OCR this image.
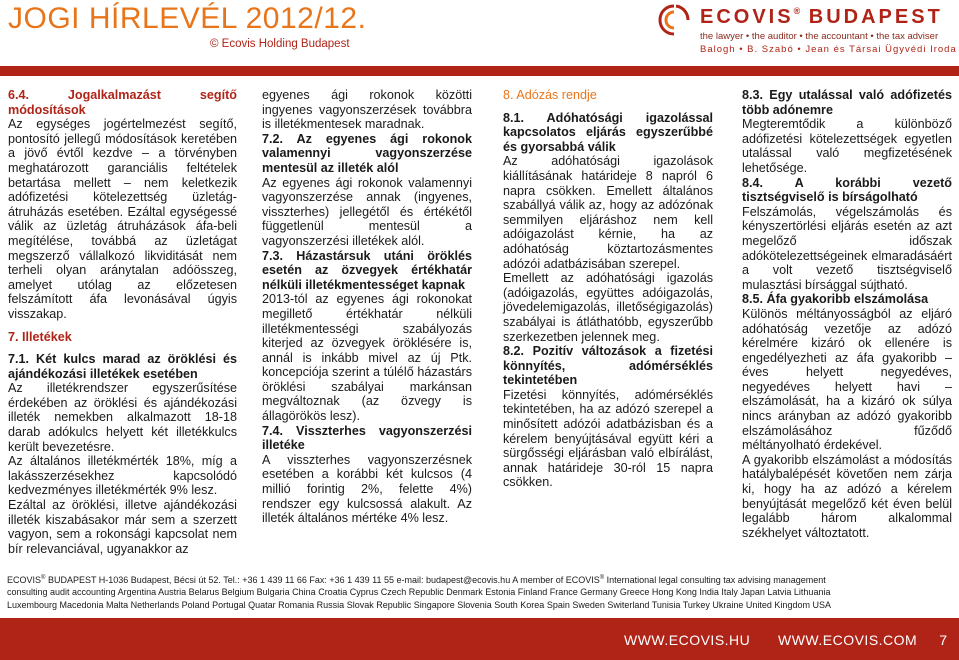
JOGI HÍRLEVÉL 2012/12.
© Ecovis Holding Budapest
ECOVIS® BUDAPEST
the lawyer • the auditor • the accountant • the tax adviser
Balogh • B. Szabó • Jean és Társai Ügyvédi Iroda

6.4. Jogalkalmazást segítő módosítások

Az egységes jogértelmezést segítő, pontosító jellegű módosítások keretében a jövő évtől kezdve – a törvényben meghatározott garanciális feltételek betartása mellett – nem keletkezik adófizetési kötelezettség üzletág-átruházás esetében. Ezáltal egységessé válik az üzletág átruházások áfa-beli megítélése, továbbá az üzletágat megszerző vállalkozó likviditását nem terheli olyan aránytalan adóösszeg, amelyet utólag az előzetesen felszámított áfa levonásával úgyis visszakap.

7. Illetékek

7.1. Két kulcs marad az öröklési és ajándékozási illetékek esetében

Az illetékrendszer egyszerűsítése érdekében az öröklési és ajándékozási illeték nemekben alkalmazott 18-18 darab adókulcs helyett két illetékkulcs került bevezetésre.

Az általános illetékmérték 18%, míg a lakásszerzésekhez kapcsolódó kedvezményes illetékmérték 9% lesz.

Ezáltal az öröklési, illetve ajándékozási illeték kiszabásakor már sem a szerzett vagyon, sem a rokonsági kapcsolat nem bír relevanciával, ugyanakkor az

egyenes ági rokonok közötti ingyenes vagyonszerzések továbbra is illetékmentesek maradnak.

7.2. Az egyenes ági rokonok valamennyi vagyonszerzése mentesül az illeték alól

Az egyenes ági rokonok valamennyi vagyonszerzése annak (ingyenes, visszterhes) jellegétől és értékétől függetlenül mentesül a vagyonszerzési illetékek alól.

7.3. Házastársuk utáni öröklés esetén az özvegyek értékhatár nélküli illetékmentességet kapnak

2013-tól az egyenes ági rokonokat megillető értékhatár nélküli illetékmentességi szabályozás kiterjed az özvegyek öröklésére is, annál is inkább mivel az új Ptk. koncepciója szerint a túlélő házastárs öröklési szabályai markánsan megváltoznak (az özvegy is állagörökös lesz).

7.4. Visszterhes vagyonszerzési illetéke

A visszterhes vagyonszerzésnek esetében a korábbi két kulcsos (4 millió forintig 2%, felette 4%) rendszer egy kulcsossá alakult. Az illeték általános mértéke 4% lesz.

8. Adózás rendje

8.1. Adóhatósági igazolással kapcsolatos eljárás egyszerűbbé és gyorsabbá válik

Az adóhatósági igazolások kiállításának határideje 8 napról 6 napra csökken. Emellett általános szabállyá válik az, hogy az adózónak semmilyen eljáráshoz nem kell adóigazolást kérnie, ha az adóhatóság köztartozásmentes adózói adatbázisában szerepel.

Emellett az adóhatósági igazolás (adóigazolás, együttes adóigazolás, jövedelemigazolás, illetőségigazolás) szabályai is átláthatóbb, egyszerűbb szerkezetben jelennek meg.

8.2. Pozitív változások a fizetési könnyítés, adómérséklés tekintetében

Fizetési könnyítés, adómérséklés tekintetében, ha az adózó szerepel a minősített adózói adatbázisban és a kérelem benyújtásával együtt kéri a sürgősségi eljárásban való elbírálást, annak határideje 30-ról 15 napra csökken.

8.3. Egy utalással való adófizetés több adónemre

Megteremtődik a különböző adófizetési kötelezettségek egyetlen utalással való megfizetésének lehetősége.

8.4. A korábbi vezető tisztségviselő is bírságolható

Felszámolás, végelszámolás és kényszertörlési eljárás esetén az azt megelőző időszak adókötelezettségeinek elmaradásáért a volt vezető tisztségviselő mulasztási bírsággal sújtható.

8.5. Áfa gyakoribb elszámolása

Különös méltányosságból az eljáró adóhatóság vezetője az adózó kérelmére kizáró ok ellenére is engedélyezheti az áfa gyakoribb – éves helyett negyedéves, negyedéves helyett havi – elszámolását, ha a kizáró ok súlya nincs arányban az adózó gyakoribb elszámolásához fűződő méltányolható érdekével.

A gyakoribb elszámolást a módosítás hatálybalépését követően nem zárja ki, hogy ha az adózó a kérelem benyújtását megelőző két éven belül legalább három alkalommal székhelyet változtatott.

ECOVIS® BUDAPEST H-1036 Budapest, Bécsi út 52. Tel.: +36 1 439 11 66 Fax: +36 1 439 11 55 e-mail: budapest@ecovis.hu A member of ECOVIS® International legal consulting tax advising management
consulting audit accounting Argentina Austria Belarus Belgium Bulgaria China Croatia Cyprus Czech Republic Denmark Estonia Finland France Germany Greece Hong Kong India Italy Japan Latvia Lithuania
Luxembourg Macedonia Malta Netherlands Poland Portugal Quatar Romania Russia Slovak Republic Singapore Slovenia South Korea Spain Sweden Switerland Tunisia Turkey Ukraine United Kingdom USA
WWW.ECOVIS.HU WWW.ECOVIS.COM 7
